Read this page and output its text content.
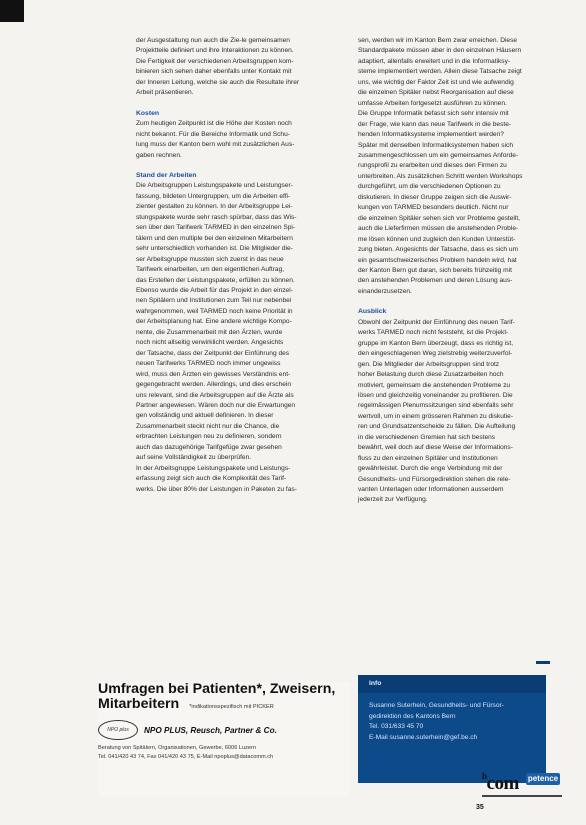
der Ausgestaltung nun auch die Zie-le gemeinsamen

Projektteile definiert und ihre Interaktionen zu können.

Die Fertigkeit der verschiedenen Arbeitsgruppen kom-

binieren sich sehen daher ebenfalls unter Kontakt mit

der Inneren Leitung, welche sie auch die Resultate ihrer

Arbeit präsentieren.

Kosten

Zum heutigen Zeitpunkt ist die Höhe der Kosten noch

nicht bekannt. Für die Bereiche Informatik und Schu-

lung muss der Kanton bern wohl mit zusätzlichen Aus-

gaben rechnen.

Stand der Arbeiten

Die Arbeitsgruppen Leistungspakete und Leistungser-

fassung, bildeten Untergruppen, um die Arbeiten effi-

zienter gestalten zu können. In der Arbeitsgruppe Lei-

stungspakete wurde sehr rasch spürbar, dass das Wis-

sen über den Tarifwerk TARMED in den einzelnen Spi-

tälern und den multiple bei den einzelnen Mitarbeitern

sehr unterschiedlich vorhanden ist. Die Mitglieder die-

ser Arbeitsgruppe mussten sich zuerst in das neue

Tarifwerk einarbeiten, um den eigentlichen Auftrag,

das Erstellen der Leistungspakete, erfüllen zu können.

Ebenso wurde die Arbeit für das Projekt in den einzel-

nen Spitälern und Institutionen zum Teil nur nebenbei

wahrgenommen, weil TARMED noch keine Priorität in

der Arbeitsplanung hat. Eine andere wichtige Kompo-

nente, die Zusammenarbeit mit den Ärzten, wurde

noch nicht allseitig verwirklicht werden. Angesichts

der Tatsache, dass der Zeitpunkt der Einführung des

neuen Tarifwerks TARMED noch immer ungewiss

wird, muss den Ärzten ein gewisses Verständnis ent-

gegengebracht werden. Allerdings, und dies erschein

uns relevant, sind die Arbeitsgruppen auf die Ärzte als

Partner angewiesen. Wären doch nur die Erwartungen

gen vollständig und aktuell definieren. In dieser

Zusammenarbeit steckt nicht nur die Chance, die

erbrachten Leistungen neu zu definieren, sondern

auch das dazugehörige Tarifgefüge zwar gesehen

auf seine Vollständigkeit zu überprüfen.

In der Arbeitsgruppe Leistungspakete und Leistungs-

erfassung zeigt sich auch die Komplexität des Tarif-

werks. Die über 80% der Leistungen in Paketen zu fas-

sen, werden wir im Kanton Bern zwar erreichen. Diese

Standardpakete müssen aber in den einzelnen Häusern

adaptiert, allenfalls erweitert und in die Informatiksy-

steme implementiert werden. Allein diese Tatsache zeigt

uns, wie wichtig der Faktor Zeit ist und wie aufwendig

die einzelnen Spitäler nebst Reorganisation auf diese

umfasse Arbeiten fortgesetzt ausführen zu können.

Die Gruppe Informatik befasst sich sehr intensiv mit

der Frage, wie kann das neue Tarifwerk in die beste-

henden Informatiksysteme implementiert werden?

Später mit denselben Informatiksystemen haben sich

zusammengeschlossen um ein gemeinsames Anforde-

rungsprofil zu erarbeiten und dieses den Firmen zu

unterbreiten. Als zusätzlichen Schritt werden Workshops

durchgeführt, um die verschiedenen Optionen zu

diskutieren. In dieser Gruppe zeigen sich die Auswir-

kungen von TARMED besonders deutlich. Nicht nur

die einzelnen Spitäler sehen sich vor Probleme gestellt,

auch die Lieferfirmen müssen die anstehenden Proble-

me lösen können und zugleich den Kunden Unterstüt-

zung bieten. Angesichts der Tatsache, dass es sich um

ein gesamtschweizerisches Problem handeln wird, hat

der Kanton Bern gut daran, sich bereits frühzeitig mit

den anstehenden Problemen und deren Lösung aus-

einanderzusetzen.

Ausblick

Obwohl der Zeitpunkt der Einführung des neuen Tarif-

werks TARMED noch nicht feststeht, ist die Projekt-

gruppe im Kanton Bern überzeugt, dass es richtig ist,

den eingeschlagenen Weg zielstrebig weiterzuverfol-

gen. Die Mitglieder der Arbeitsgruppen sind trotz

hoher Belastung durch diese Zusatzarbeiten hoch

motiviert, gemeinsam die anstehenden Probleme zu

lösen und gleichzeitig voneinander zu profitieren. Die

regelmässigen Plenumssitzungen sind ebenfalls sehr

wertvoll, um in einem grösseren Rahmen zu diskutie-

ren und Grundsatzentscheide zu fällen. Die Aufteilung

in die verschiedenen Gremien hat sich bestens

bewährt, weil doch auf diese Weise der Informations-

fluss zu den einzelnen Spitäler und Institutionen

gewährleistet. Durch die enge Verbindung mit der

Gesundheits- und Fürsorgedirektion stehen die rele-

vanten Unterlagen oder Informationen ausserdem

jederzeit zur Verfügung.

Info

Susanne Suterhein, Gesundheits- und Fürsor-

gedirektion des Kantons Bern

Tel. 031/633 45 70

E-Mail susanne.suterhein@gef.be.ch

Umfragen bei Patienten*, Zweisern,

Mitarbeitern *indikationsspezifisch mit PICKER
NPO plus	NPO PLUS, Reusch, Partner & Co.
Beratung von Spitälern, Organisationen, Gewerbe, 6006 Luzern
Tel. 041/420 43 74, Fax 041/420 43 75, E-Mail npoplus@datacomm.ch
$^h$com petence
35
